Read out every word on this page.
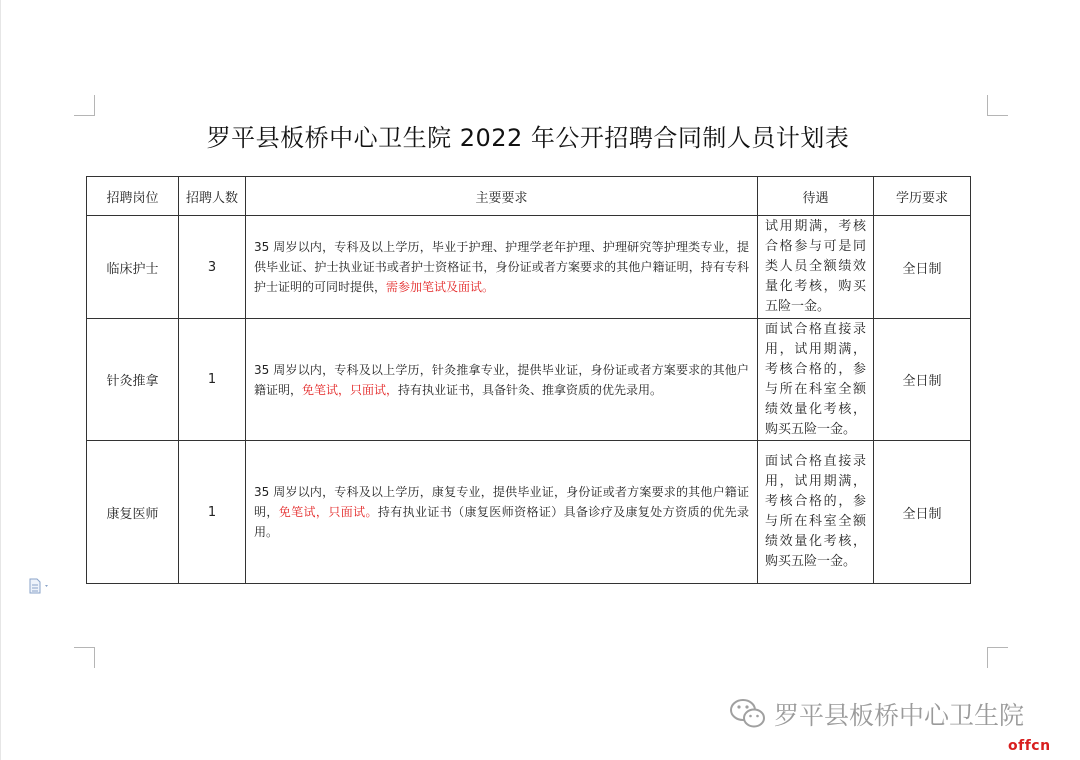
罗平县板桥中心卫生院 2022 年公开招聘合同制人员计划表
招聘岗位	招聘人数	主要要求	待遇	学历要求
临床护士	3	35 周岁以内，专科及以上学历，毕业于护理、护理学老年护理、护理研究等护理类专业，提供毕业证、护士执业证书或者护士资格证书，身份证或者方案要求的其他户籍证明，持有专科护士证明的可同时提供，需参加笔试及面试。	试用期满，考核合格参与可是同类人员全额绩效量化考核，购买五险一金。	全日制
针灸推拿	1	35 周岁以内，专科及以上学历，针灸推拿专业，提供毕业证，身份证或者方案要求的其他户籍证明，免笔试，只面试，持有执业证书，具备针灸、推拿资质的优先录用。	面试合格直接录用，试用期满，考核合格的，参与所在科室全额绩效量化考核，购买五险一金。	全日制
康复医师	1	35 周岁以内，专科及以上学历，康复专业，提供毕业证，身份证或者方案要求的其他户籍证明，免笔试，只面试。持有执业证书（康复医师资格证）具备诊疗及康复处方资质的优先录用。	面试合格直接录用，试用期满，考核合格的，参与所在科室全额绩效量化考核，购买五险一金。	全日制
罗平县板桥中心卫生院
offcn
